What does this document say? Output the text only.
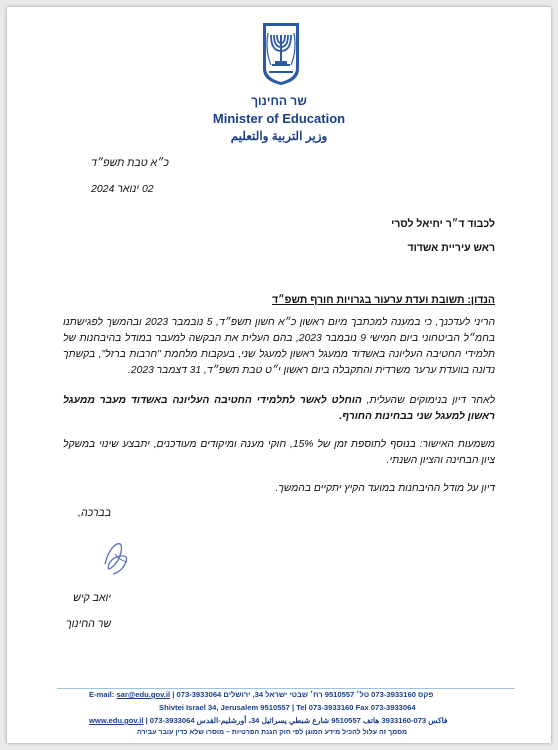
שר החינוך
Minister of Education
وزير التربية والتعليم
כ״א טבת תשפ״ד
02 ינואר 2024
לכבוד ד״ר יחיאל לסרי
ראש עיריית אשדוד
הנדון: תשובת ועדת ערעור בגרויות חורף תשפ״ד
הריני לעדכנך, כי במענה למכתבך מיום ראשון כ״א חשון תשפ״ד, 5 נובמבר 2023 ובהמשך לפגישתנו בחמ״ל הביטחוני ביום חמישי 9 נובמבר 2023, בהם העלית את הבקשה למעבר במודל בהיבחנות של תלמידי החטיבה העליונה באשדוד ממעגל ראשון למעגל שני, בעקבות מלחמת "חרבות ברזל", בקשתך נדונה בוועדת ערער משרדית והתקבלה ביום ראשון י״ט טבת תשפ״ד, 31 דצמבר 2023.
לאחר דיון בנימוקים שהעלית, הוחלט לאשר לתלמידי החטיבה העליונה באשדוד מעבר ממעגל ראשון למעגל שני בבחינות החורף.
משמעות האישור: בנוסף לתוספת זמן של 15%, חוקי מענה ומיקודים מעודכנים, יתבצע שינוי במשקל ציון הבחינה והציון השנתי.
דיון על מודל ההיבחנות במועד הקיץ יתקיים בהמשך.
בברכה,
יואב קיש
שר החינוך
E-mail: sar@edu.gov.il | 073-3933064 פקס 073-3933160 טל׳ 9510557 רח׳ שבטי ישראל 34, ירושלים
Shivtei Israel 34, Jerusalem 9510557 | Tel 073-3933160 Fax 073-3933064
www.edu.gov.il | 073-3933064 فاكس 073-3933160 هاتف 9510557 شارع شبطي يسرائيل 34، أورشليم-القدس
מסמך זה עלול להכיל מידע המוגן לפי חוק הגנת הפרטיות – מוסרו שלא כדין עובר עבירה
